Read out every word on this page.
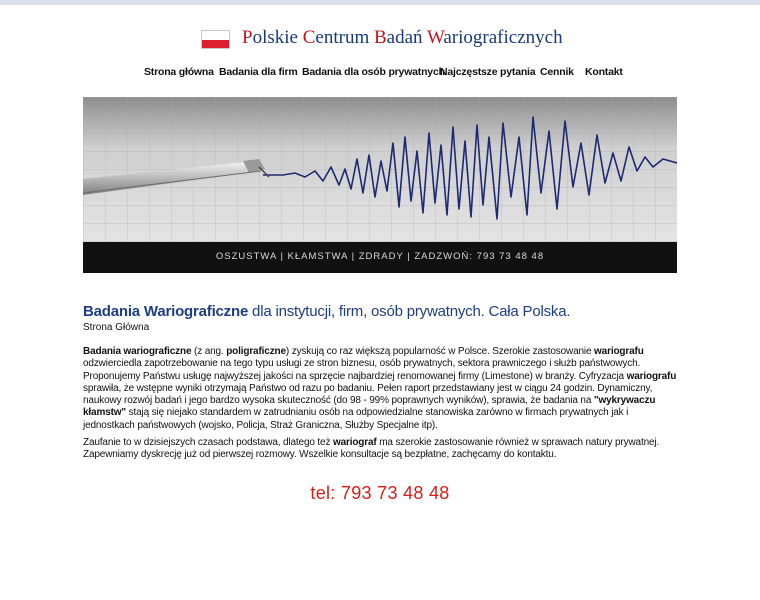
Polskie Centrum Badań Wariograficznych
Strona główna Badania dla firm Badania dla osób prywatnych
Najczęstsze pytania Cennik Kontakt
OSZUSTWA | KŁAMSTWA | ZDRADY | ZADZWOŃ: 793 73 48 48
Badania Wariograficzne dla instytucji, firm, osób prywatnych. Cała Polska.
Strona Główna
Badania wariograficzne (z ang. poligraficzne) zyskują co raz większą popularność w Polsce. Szerokie zastosowanie wariografu odzwierciedla zapotrzebowanie na tego typu usługi ze stron biznesu, osób prywatnych, sektora prawniczego i służb państwowych. Proponujemy Państwu usługę najwyższej jakości na sprzęcie najbardziej renomowanej firmy (Limestone) w branży. Cyfryzacja wariografu sprawiła, że wstępne wyniki otrzymają Państwo od razu po badaniu. Pełen raport przedstawiany jest w ciągu 24 godzin. Dynamiczny, naukowy rozwój badań i jego bardzo wysoka skuteczność (do 98 - 99% poprawnych wyników), sprawia, że badania na "wykrywaczu kłamstw" stają się niejako standardem w zatrudnianiu osób na odpowiedzialne stanowiska zarówno w firmach prywatnych jak i jednostkach państwowych (wojsko, Policja, Straż Graniczna, Służby Specjalne itp).
Zaufanie to w dzisiejszych czasach podstawa, dlatego też wariograf ma szerokie zastosowanie również w sprawach natury prywatnej. Zapewniamy dyskrecję już od pierwszej rozmowy. Wszelkie konsultacje są bezpłatne, zachęcamy do kontaktu.
tel: 793 73 48 48
